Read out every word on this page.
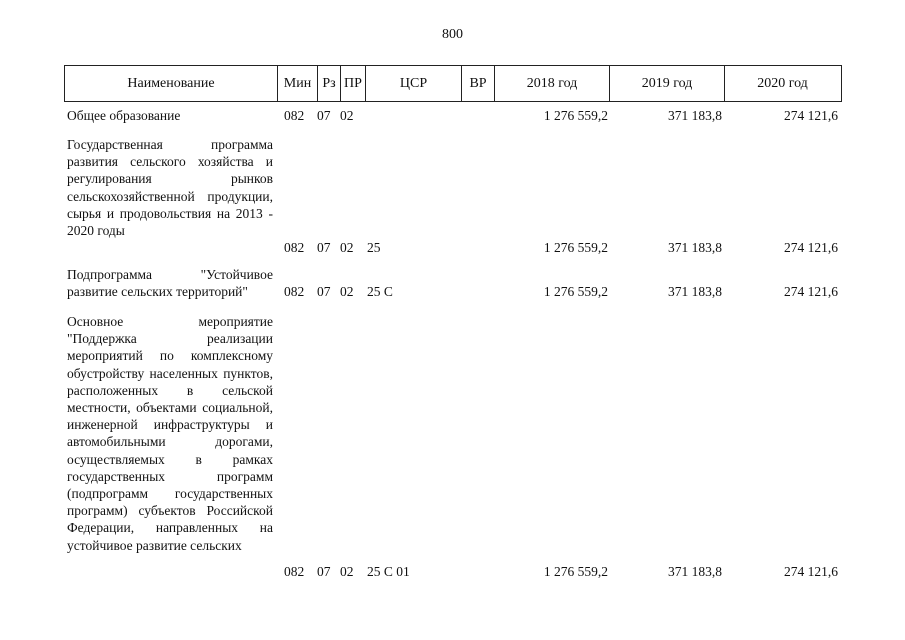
800
Наименование	Мин Рз ПР	ЦСР	ВР	2018 год	2019 год	2020 год
Общее образование	082 07 02	1 276 559,2	371 183,8	274 121,6
Государственная программа развития сельского хозяйства и регулирования рынков сельскохозяйственной продукции, сырья и продовольствия на 2013 - 2020 годы
082 07 02 25	1 276 559,2	371 183,8	274 121,6
Подпрограмма "Устойчивое развитие сельских территорий"	082 07 02 25 С	1 276 559,2	371 183,8	274 121,6
Основное мероприятие "Поддержка реализации мероприятий по комплексному обустройству населенных пунктов, расположенных в сельской местности, объектами социальной, инженерной инфраструктуры и автомобильными дорогами, осуществляемых в рамках государственных программ (подпрограмм государственных программ) субъектов Российской Федерации, направленных на устойчивое развитие сельских
082 07 02 25 С 01	1 276 559,2	371 183,8	274 121,6
